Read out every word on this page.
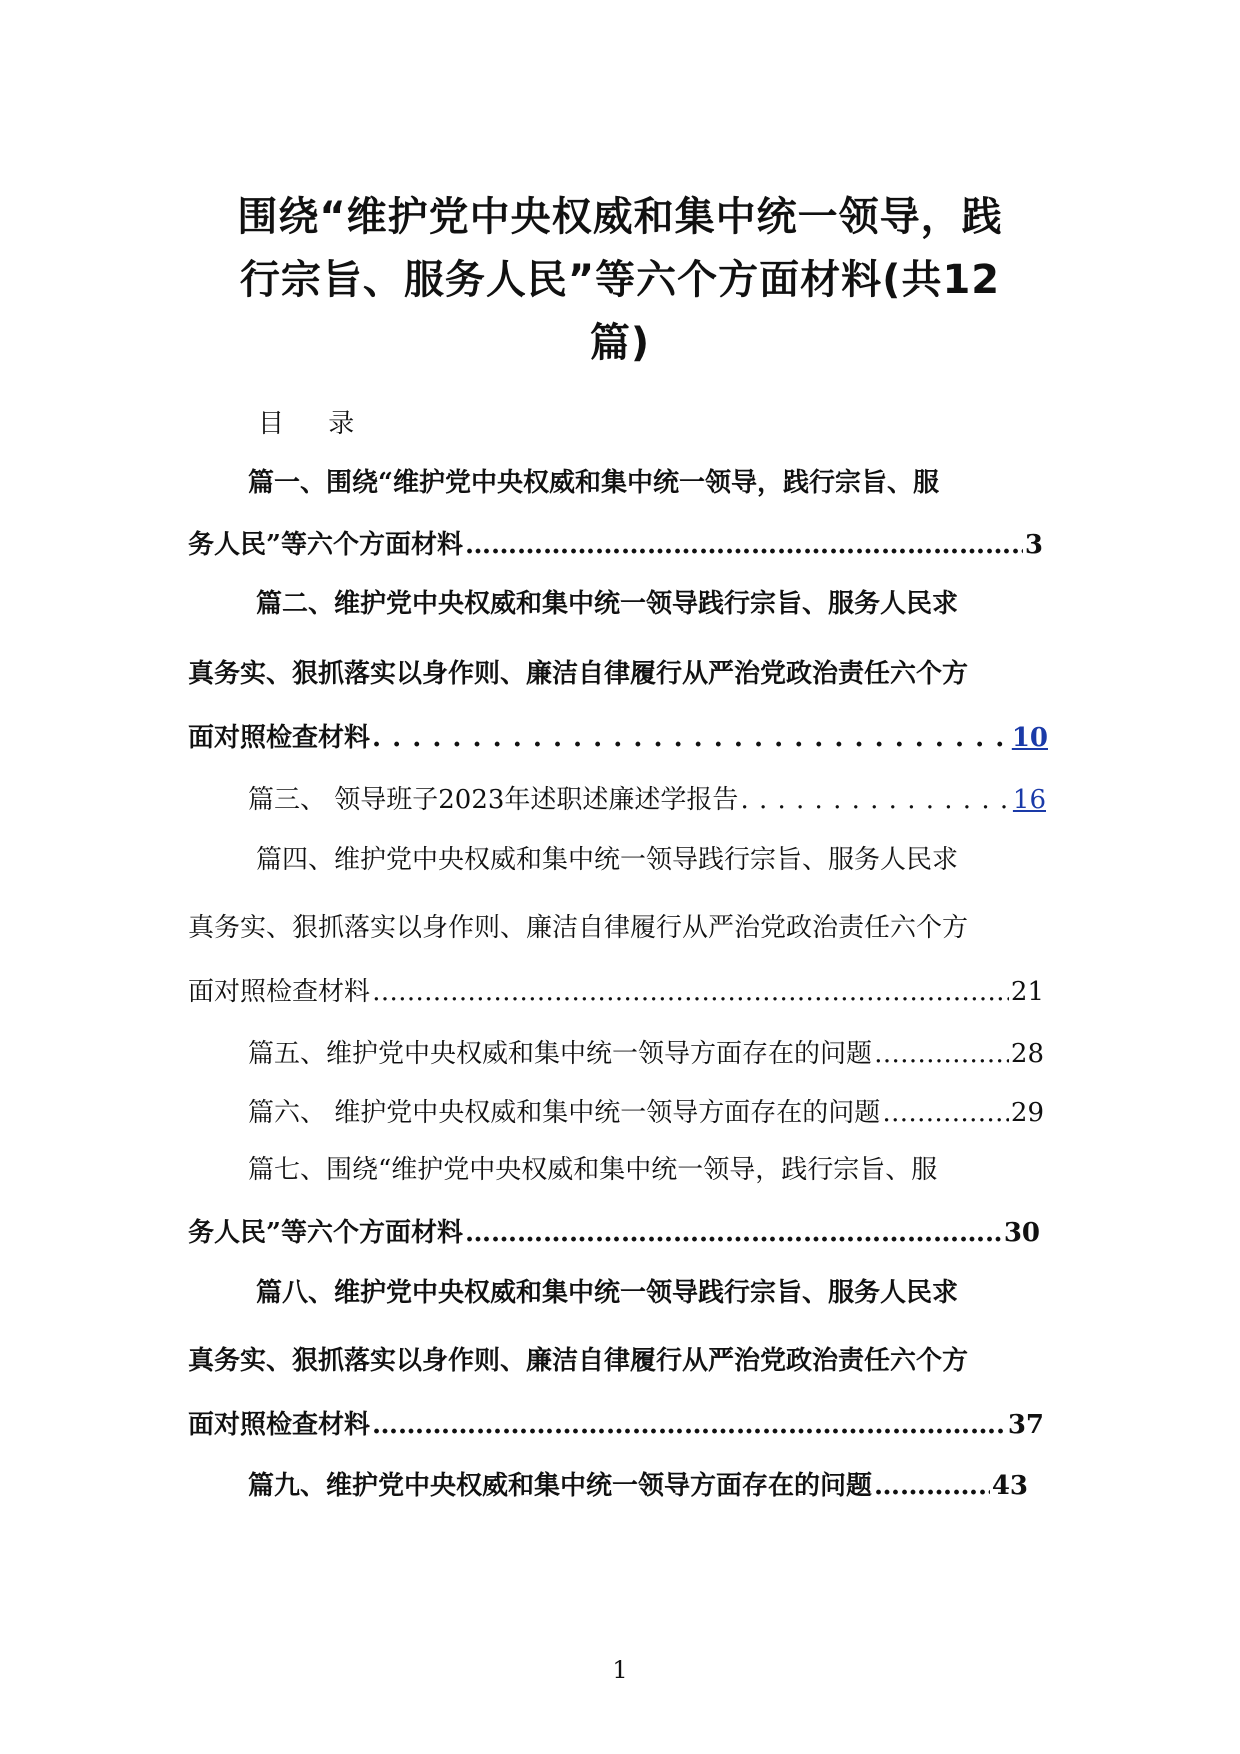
围绕“维护党中央权威和集中统一领导，践
行宗旨、服务人民”等六个方面材料(共12
篇)
目 录
篇一、围绕“维护党中央权威和集中统一领导，践行宗旨、服
务人民”等六个方面材料 ……………………………………………………………………………………………………………………………………………………………………	3
篇二、维护党中央权威和集中统一领导践行宗旨、服务人民求
真务实、狠抓落实以身作则、廉洁自律履行从严治党政治责任六个方
面对照检查材料 . . .	10
篇三、 领导班子2023年述职述廉述学报告 . . .	16
篇四、维护党中央权威和集中统一领导践行宗旨、服务人民求
真务实、狠抓落实以身作则、廉洁自律履行从严治党政治责任六个方
面对照检查材料 ……………………………………………………………………………………………………………………………………………………………………	21
篇五、维护党中央权威和集中统一领导方面存在的问题 ……………………………………………………………………………………………………………………………………………………………………	28
篇六、 维护党中央权威和集中统一领导方面存在的问题 ……………………………………………………………………………………………………………………………………………………………………	29
篇七、围绕“维护党中央权威和集中统一领导，践行宗旨、服
务人民”等六个方面材料 ……………………………………………………………………………………………………………………………………………………………………	30
篇八、维护党中央权威和集中统一领导践行宗旨、服务人民求
真务实、狠抓落实以身作则、廉洁自律履行从严治党政治责任六个方
面对照检查材料 ……………………………………………………………………………………………………………………………………………………………………	37
篇九、维护党中央权威和集中统一领导方面存在的问题 ……………………………………………………………………………………………………………………………………………………………………	43
1
